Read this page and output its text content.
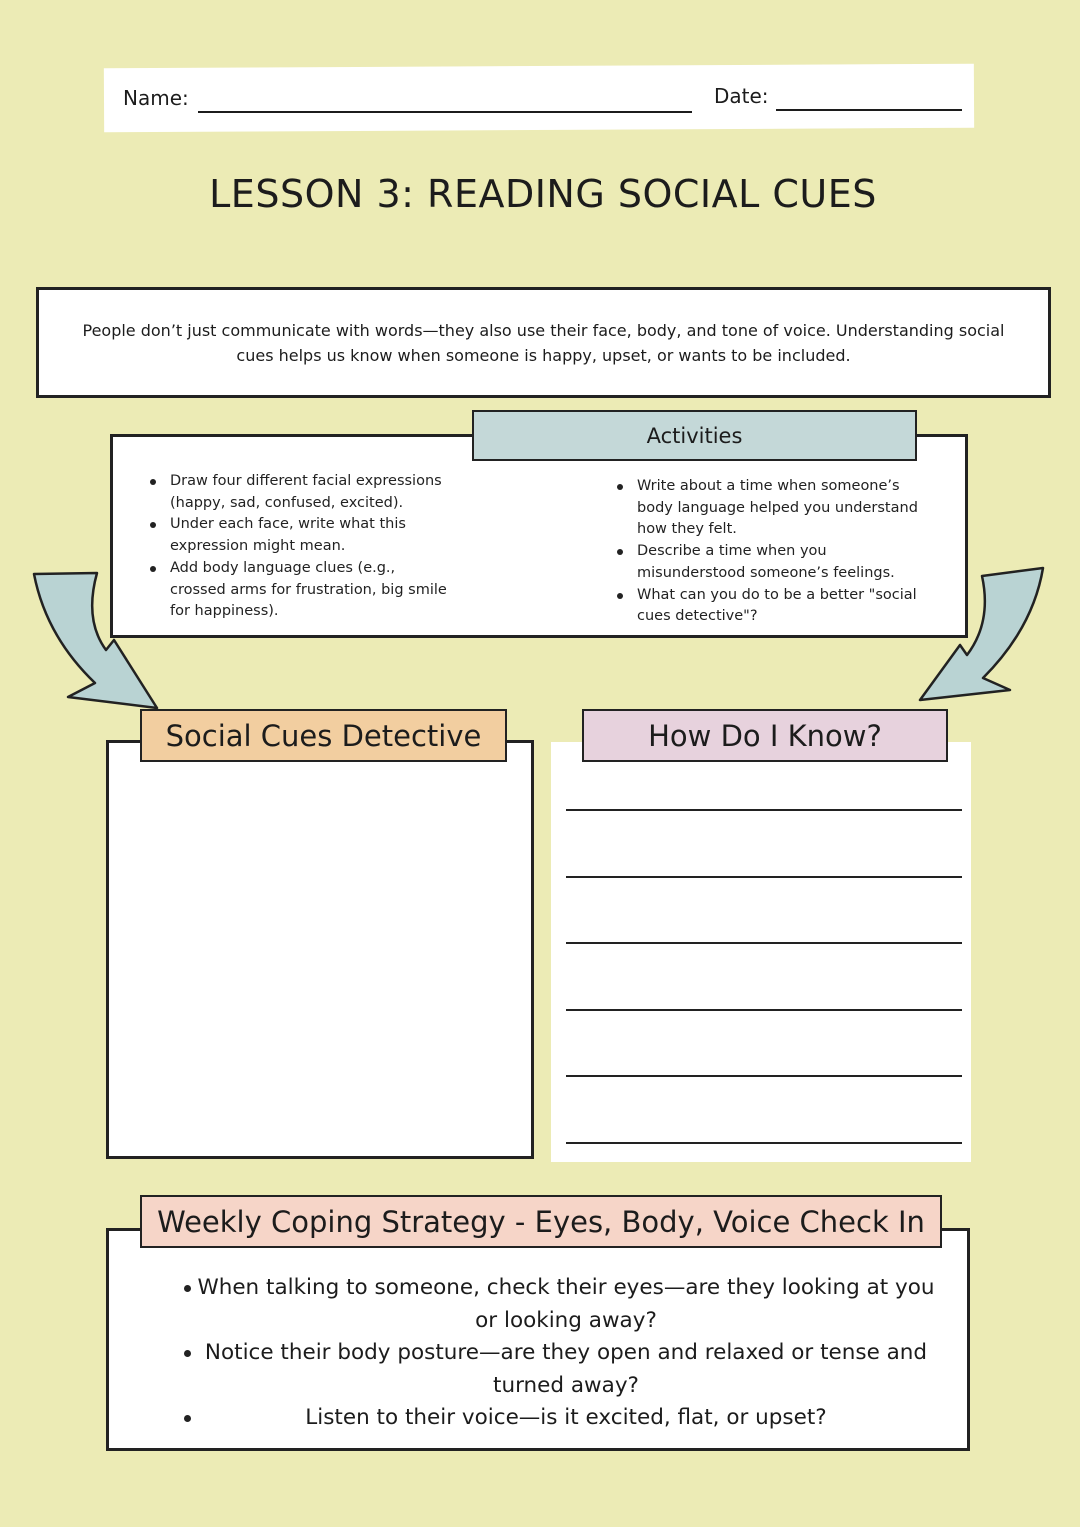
Name:	Date:
LESSON 3: READING SOCIAL CUES

People don’t just communicate with words—they also use their face, body, and tone of voice. Understanding social cues helps us know when someone is happy, upset, or wants to be included.

Activities
Draw four different facial expressions (happy, sad, confused, excited).
Under each face, write what this expression might mean.
Add body language clues (e.g., crossed arms for frustration, big smile for happiness).
Write about a time when someone’s body language helped you understand how they felt.
Describe a time when you misunderstood someone’s feelings.
What can you do to be a better "social cues detective"?
Social Cues Detective	How Do I Know?
Weekly Coping Strategy - Eyes, Body, Voice Check In
When talking to someone, check their eyes—are they looking at you or looking away?
Notice their body posture—are they open and relaxed or tense and turned away?
Listen to their voice—is it excited, flat, or upset?
